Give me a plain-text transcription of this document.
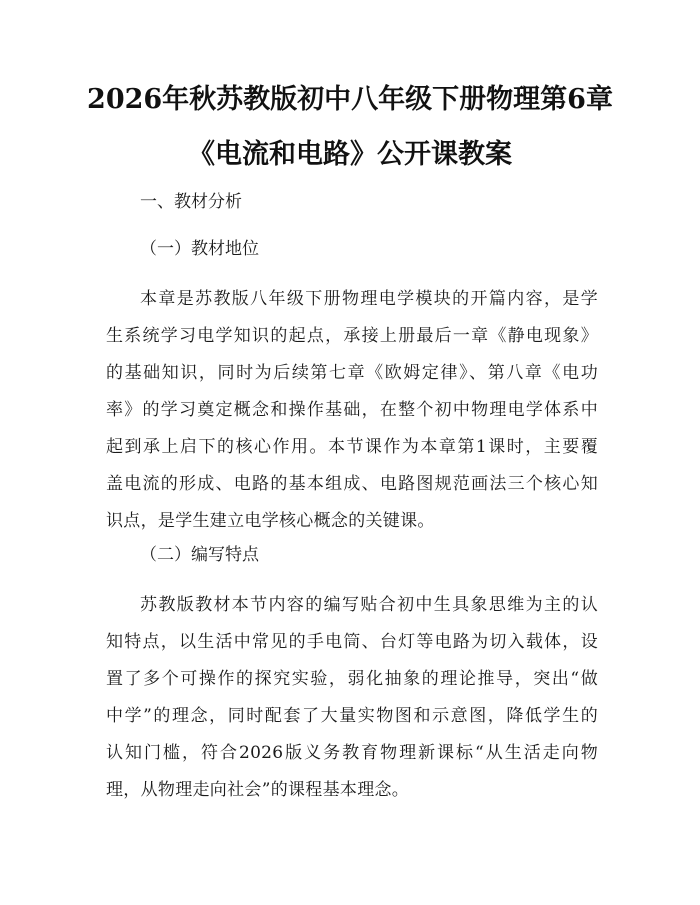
2026年秋苏教版初中八年级下册物理第6章
《电流和电路》公开课教案
一、教材分析
（一）教材地位
本章是苏教版八年级下册物理电学模块的开篇内容，是学
生系统学习电学知识的起点，承接上册最后一章《静电现象》
的基础知识，同时为后续第七章《欧姆定律》、第八章《电功
率》的学习奠定概念和操作基础，在整个初中物理电学体系中
起到承上启下的核心作用。本节课作为本章第1课时，主要覆
盖电流的形成、电路的基本组成、电路图规范画法三个核心知
识点，是学生建立电学核心概念的关键课。
（二）编写特点
苏教版教材本节内容的编写贴合初中生具象思维为主的认
知特点，以生活中常见的手电筒、台灯等电路为切入载体，设
置了多个可操作的探究实验，弱化抽象的理论推导，突出“做
中学”的理念，同时配套了大量实物图和示意图，降低学生的
认知门槛，符合2026版义务教育物理新课标“从生活走向物
理，从物理走向社会”的课程基本理念。
